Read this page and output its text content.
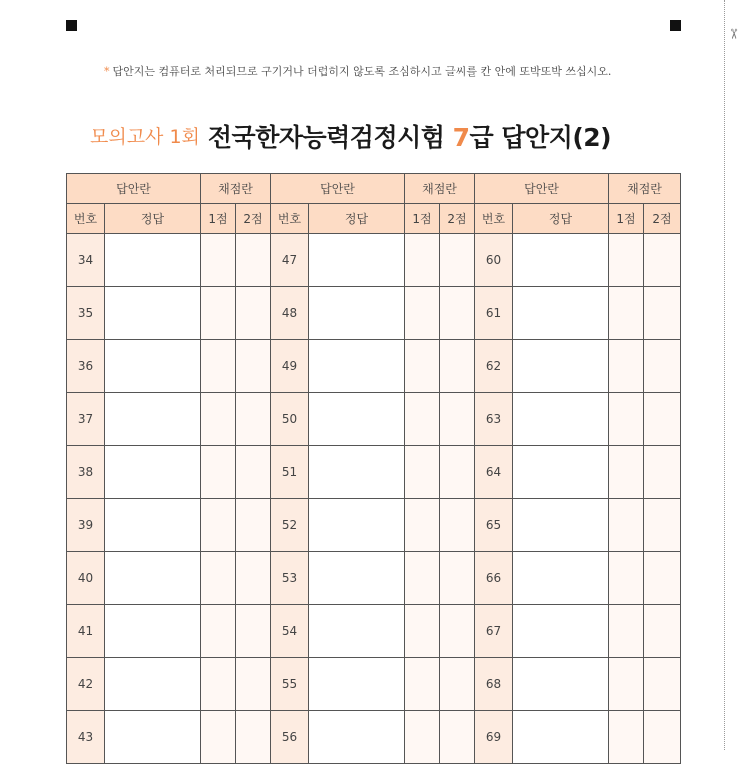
✂
* 답안지는 컴퓨터로 처리되므로 구기거나 더럽히지 않도록 조심하시고 글씨를 칸 안에 또박또박 쓰십시오.
모의고사 1회 전국한자능력검정시험 7급 답안지(2)
답안란		채점란		답안란		채점란		답안란		채점란	
번호	정답	1점	2점	번호	정답	1점	2점	번호	정답	1점	2점
34				47				60			
35				48				61			
36				49				62			
37				50				63			
38				51				64			
39				52				65			
40				53				66			
41				54				67			
42				55				68			
43				56				69			
